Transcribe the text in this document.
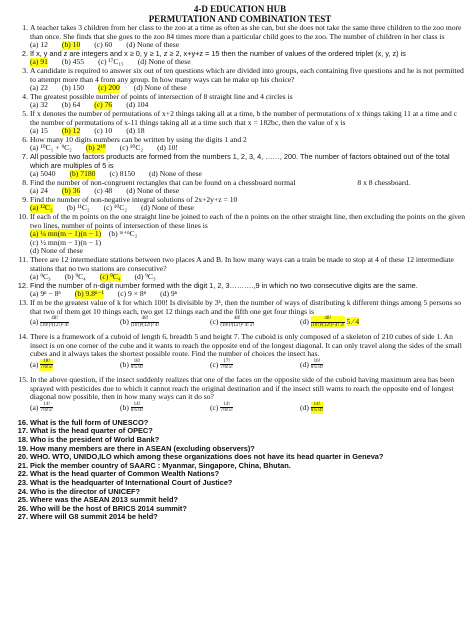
4-D EDUCATION HUB
PERMUTATION AND COMBINATION TEST
1. A teacher takes 3 children from her class to the zoo at a time as often as she can, but she does not take the same three children to the zoo more than once. She finds that she goes to the zoo 84 times more than a particular child goes to the zoo. The number of children in her class is
(a) 12 (b) 10 (c) 60 (d) None of these
2. If x, y and z are integers and x ≥ 0, y ≥ 1, z ≥ 2, x+y+z = 15 then the number of values of the ordered triplet (x, y, z) is
(a) 91 (b) 455 (c) ¹⁷C₁₅ (d) None of these
3. A candidate is required to answer six out of ten questions which are divided into groups, each containing five questions and he is not permitted to attempt more than 4 from any group. In how many ways can he make up his choice?
(a) 22 (b) 150 (c) 200 (d) None of these
4. The greatest possible number of points of intersection of 8 straight line and 4 circles is
(a) 32 (b) 64 (c) 76 (d) 104
5. If x denotes the number of permutations of x+2 things taking all at a time, b the number of permutations of x things taking 11 at a time and c the number of permutations of x-11 things taking all at a time such that x = 182bc, then the value of x is
(a) 15 (b) 12 (c) 10 (d) 18
6. How many 10 digits numbers can be written by using the digits 1 and 2
(a) ¹⁰C₁ + ⁹C₂ (b) 2¹⁰ (c) ¹⁰C₂ (d) 10!
7. All possible two factors products are formed from the numbers 1, 2, 3, 4, ……, 200. The number of factors obtained out of the total which are multiples of 5 is
(a) 5040 (b) 7180 (c) 8150 (d) None of these
8. Find the number of non-congruent rectangles that can be found on a chessboard normal	8 x 8 chessboard.
(a) 24 (b) 36 (c) 48 (d) None of these
9. Find the number of non-negative integral solutions of 2x+2y+z = 10
(a) ¹²C₂ (b) ¹¹C₂ (c) ¹⁰C₂ (d) None of these
10. If each of the m points on the one straight line be joined to each of the n points on the other straight line, then excluding the points on the given two lines, number of points of intersection of these lines is
(a) ¼ mn(m − 1)(n − 1) (b) ᵐ⁺ⁿC₂
(c) ½ mn(m − 1)(n − 1)
(d) None of these
11. There are 12 intermediate stations between two places A and B. In how many ways can a train be made to stop at 4 of these 12 intermediate stations that no two stations are consecutive?
(a) ⁹C₃ (b) ⁹C₄ (c) ⁹C₄ (d) ⁹C₃
12. Find the number of n-digit number formed with the digit 1, 2, 3……….,9 in which no two consecutive digits are the same.
(a) 9ⁿ − 8ⁿ (b) 9.8ⁿ⁻¹ (c) 9 × 8ⁿ (d) 9ⁿ
13. If m be the greatest value of k for which 100! Is divisible by 3ᵏ, then the number of ways of distributing k different things among 5 persons so that two of them get 10 things each, two get 12 things each and the fifth one get four things is
$(a) \frac{48!}{\text{(10!)²(12!)² 4!}}$	$(b) \frac{48!}{\text{(10!)²(12!)² 4!}}$	$(c) \frac{48!}{\text{(10!)²(12!)² 4! 2!}}$	$(d) \frac{48!}{\text{(10!)²(12!)² 4! 2!}} 5$ ⁄ 4
14. There is a framework of a cuboid of length 6, breadth 5 and height 7. The cuboid is only composed of a skeleton of 210 cubes of side 1. An insect is on one corner of the cube and it wants to reach the opposite end of the longest diagonal. It can only travel along the sides of the small cubes and it always takes the shortest possible route. Find the number of choices the insect has.
$(a) \frac{18!}{7!6!5!}$	$(b) \frac{18!}{6!5!4!}$	$(c) \frac{17!}{7!6!5!}$	$(d) \frac{16!}{6!5!4!}$
15. In the above question, if the insect suddenly realizes that one of the faces on the opposite side of the cuboid having maximum area has been sprayed with pesticides due to which it cannot reach the original destination and if the insect still wants to reach the opposite end of longest diagonal now possible, then in how many ways can it do so?
$(a) \frac{14!}{7!6!5!}$	$(b) \frac{14!}{6!5!4!}$	$(c) \frac{14!}{7!6!5!}$	$(d) \frac{14!}{6!5!4!}$
16. What is the full form of UNESCO?
17. What is the head quarter of OPEC?
18. Who is the president of World Bank?
19. How many members are there in ASEAN (excluding observers)?
20. WHO. WTO, UNIDO,ILO which among these organizations does not have its head quarter in Geneva?
21. Pick the member country of SAARC : Myanmar, Singapore, China, Bhutan.
22. What is the head quarter of Common Wealth Nations?
23. What is the headquarter of International Court of Justice?
24. Who is the director of UNICEF?
25. Where was the ASEAN 2013 summit held?
26. Who will be the host of BRICS 2014 summit?
27. Where will G8 summit 2014 be held?
